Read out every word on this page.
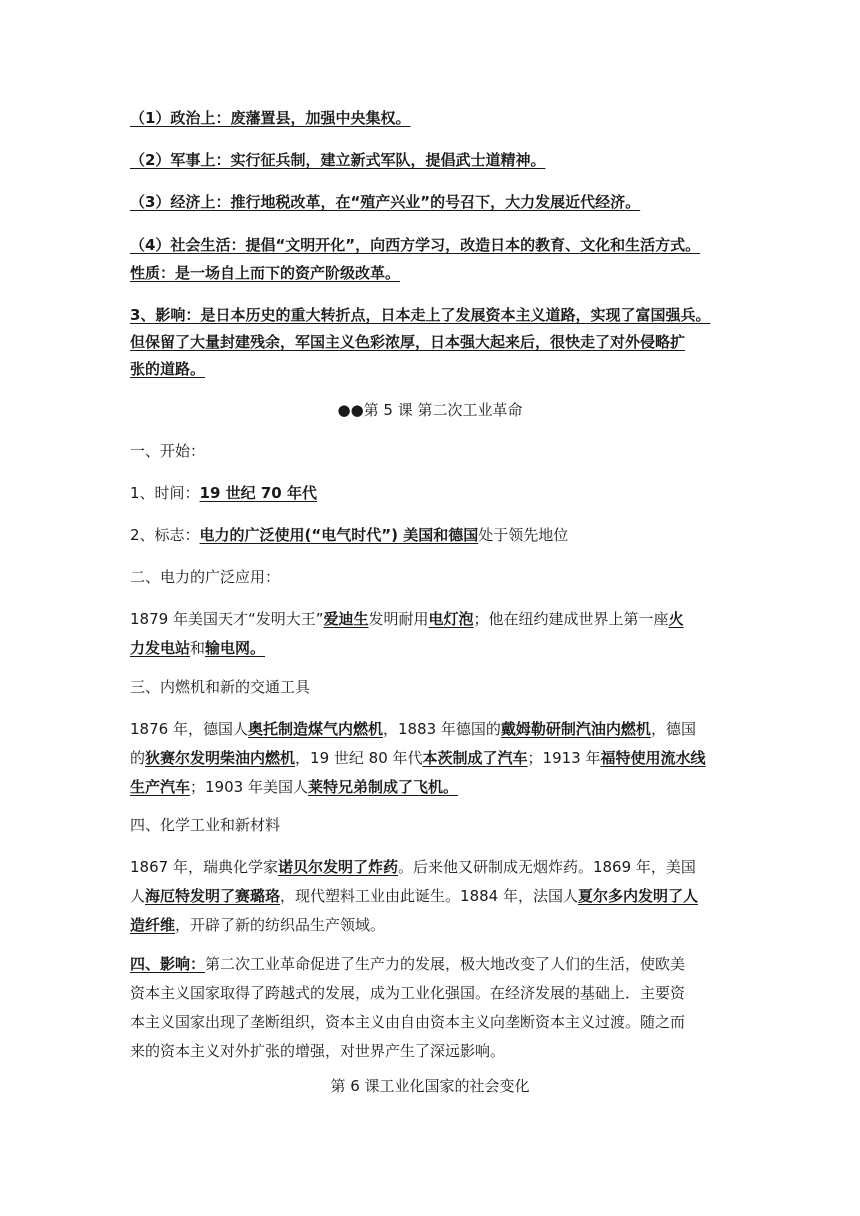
（1）政治上：废藩置县，加强中央集权。

（2）军事上：实行征兵制，建立新式军队，提倡武士道精神。

（3）经济上：推行地税改革，在“殖产兴业”的号召下，大力发展近代经济。

（4）社会生活：提倡“文明开化”，向西方学习，改造日本的教育、文化和生活方式。

性质：是一场自上而下的资产阶级改革。

3、影响：是日本历史的重大转折点，日本走上了发展资本主义道路，实现了富国强兵。

但保留了大量封建残余，军国主义色彩浓厚，日本强大起来后，很快走了对外侵略扩

张的道路。

●●第 5 课 第二次工业革命

一、开始：

1、时间：19 世纪 70 年代

2、标志：电力的广泛使用(“电气时代”) 美国和德国处于领先地位

二、电力的广泛应用：

1879 年美国天才“发明大王”爱迪生发明耐用电灯泡；他在纽约建成世界上第一座火
力发电站和输电网。

三、内燃机和新的交通工具

1876 年，德国人奥托制造煤气内燃机，1883 年德国的戴姆勒研制汽油内燃机，德国
的狄赛尔发明柴油内燃机，19 世纪 80 年代本茨制成了汽车；1913 年福特使用流水线
生产汽车；1903 年美国人莱特兄弟制成了飞机。

四、化学工业和新材料

1867 年，瑞典化学家诺贝尔发明了炸药。后来他又研制成无烟炸药。1869 年，美国
人海厄特发明了赛璐珞，现代塑料工业由此诞生。1884 年，法国人夏尔多内发明了人
造纤维，开辟了新的纺织品生产领域。

四、影响：第二次工业革命促进了生产力的发展，极大地改变了人们的生活，使欧美
资本主义国家取得了跨越式的发展，成为工业化强国。在经济发展的基础上．主要资
本主义国家出现了垄断组织，资本主义由自由资本主义向垄断资本主义过渡。随之而
来的资本主义对外扩张的增强，对世界产生了深远影响。

第 6 课工业化国家的社会变化
